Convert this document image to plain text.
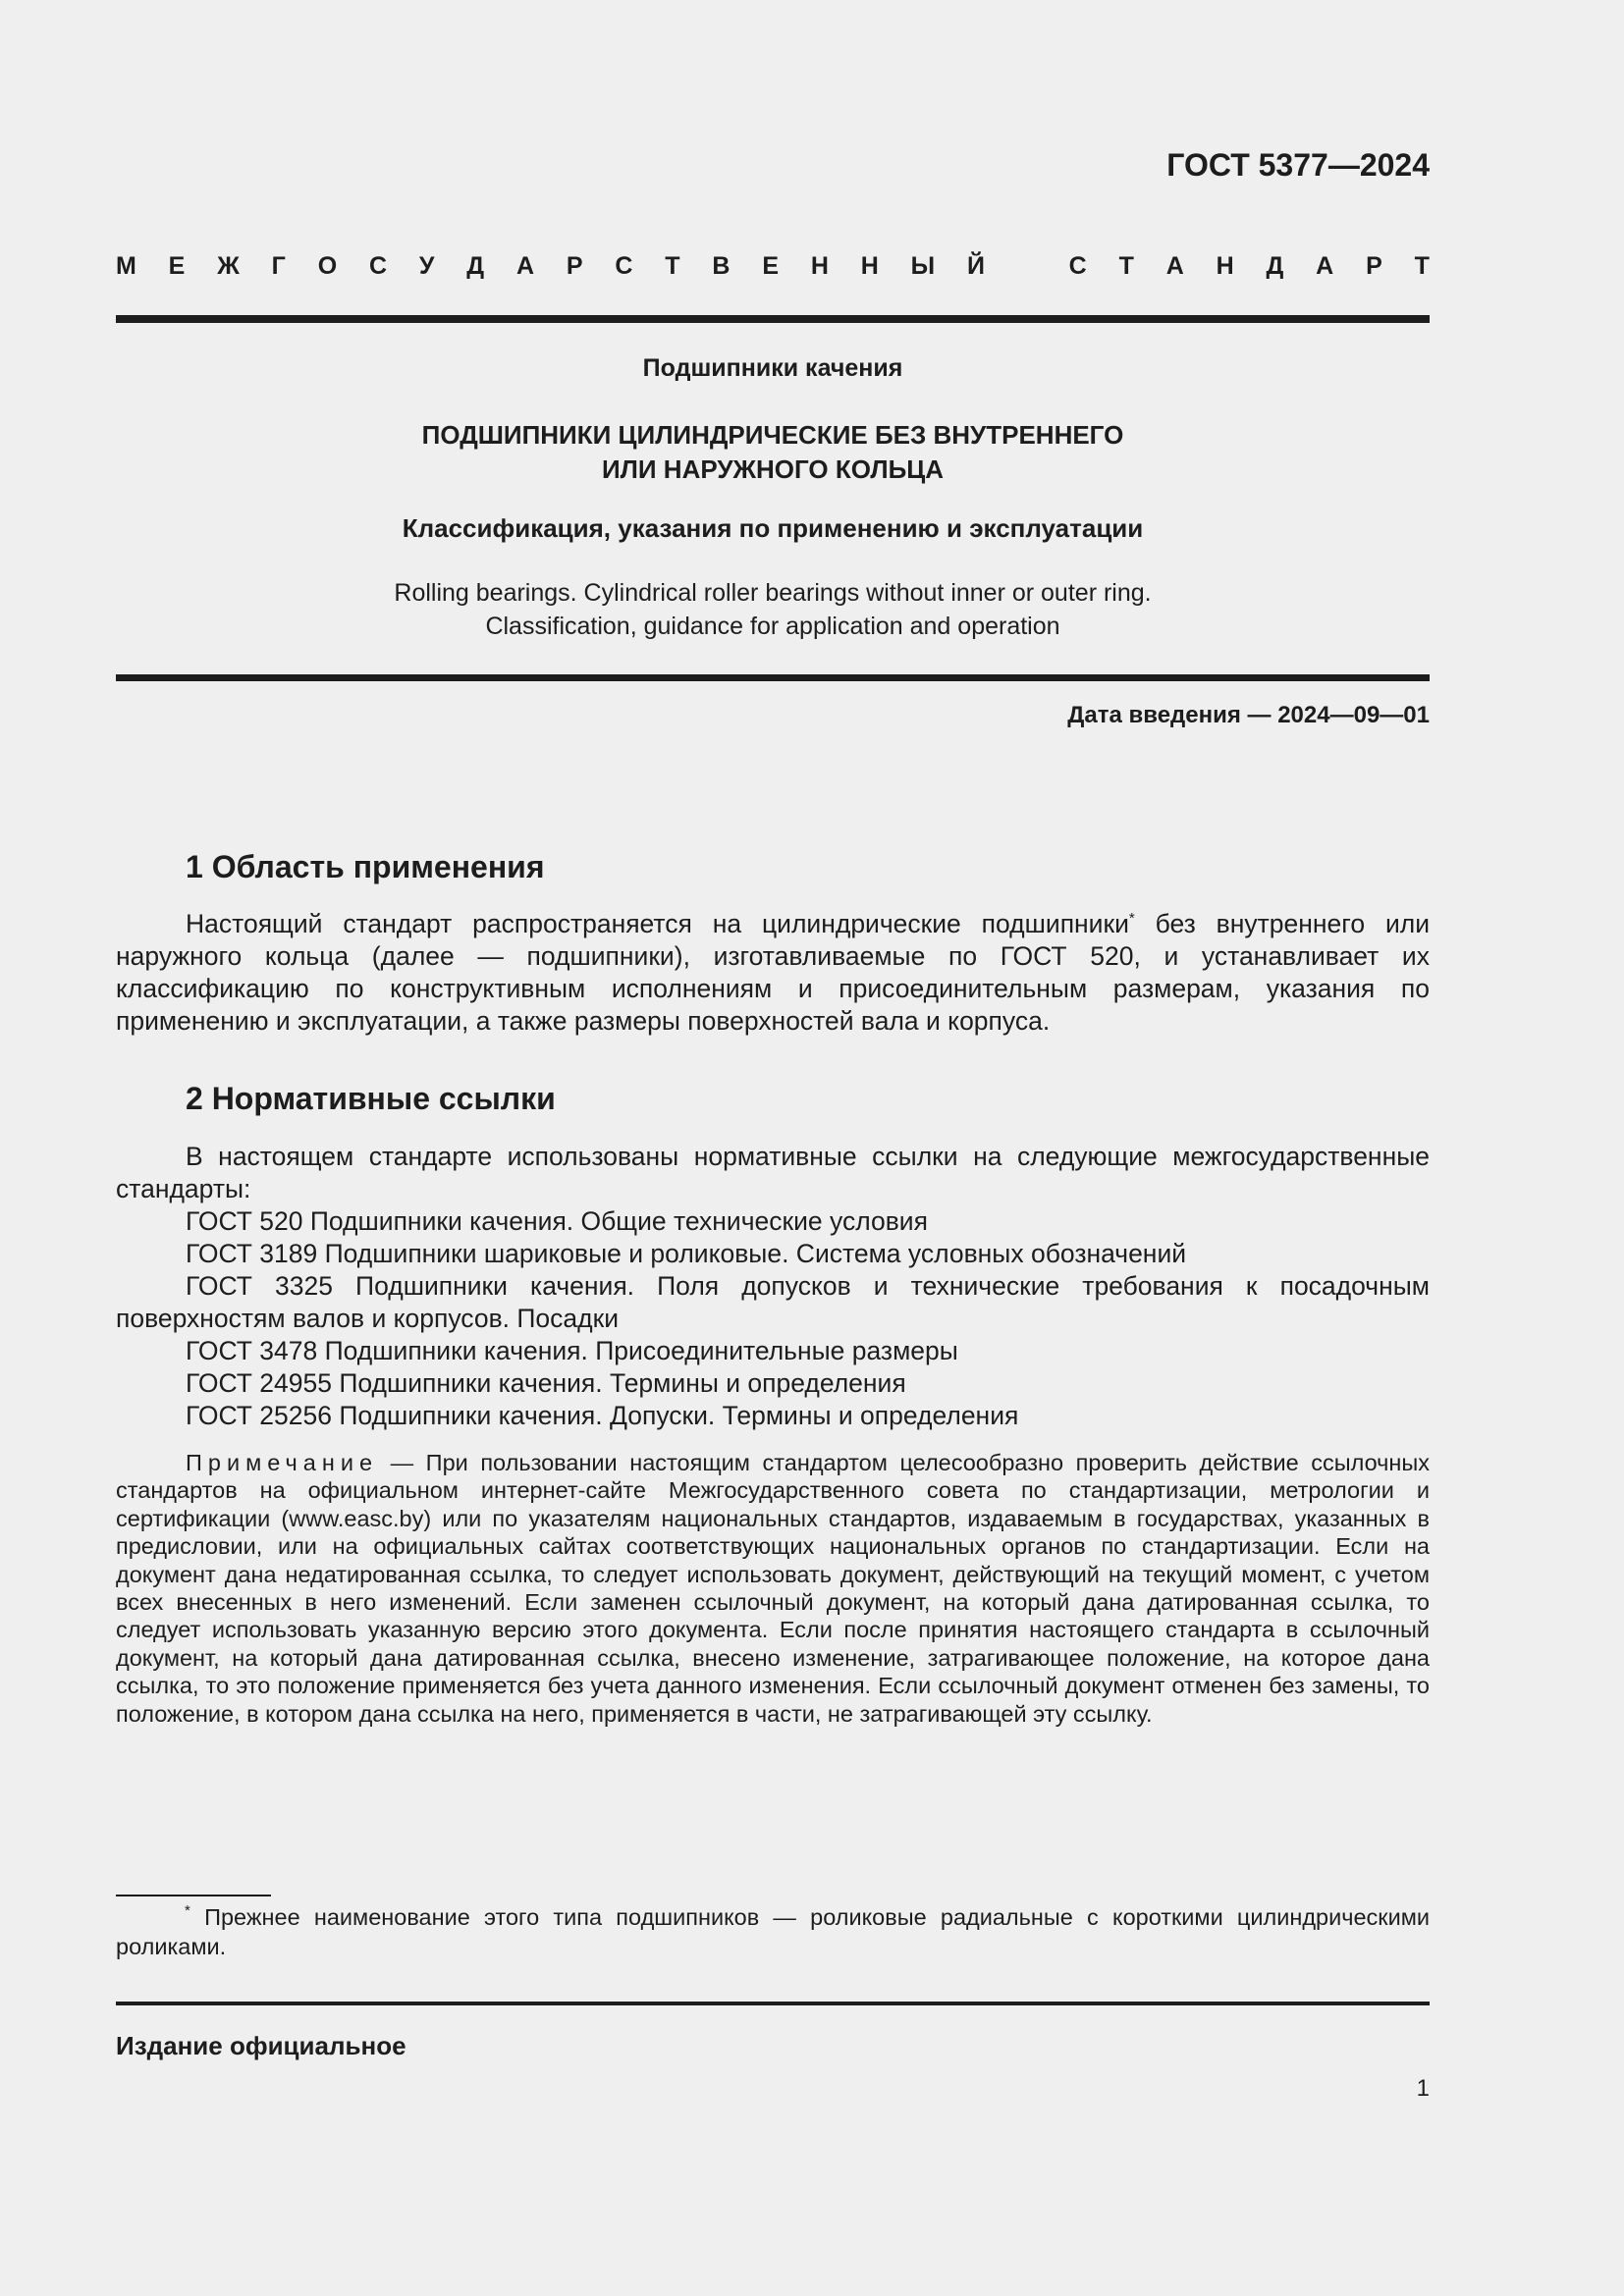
ГОСТ 5377—2024
М Е Ж Г О С У Д А Р С Т В Е Н Н Ы Й	С Т А Н Д А Р Т
Подшипники качения
ПОДШИПНИКИ ЦИЛИНДРИЧЕСКИЕ БЕЗ ВНУТРЕННЕГО
ИЛИ НАРУЖНОГО КОЛЬЦА
Классификация, указания по применению и эксплуатации
Rolling bearings. Cylindrical roller bearings without inner or outer ring.
Classification, guidance for application and operation
Дата введения — 2024—09—01
1 Область применения
Настоящий стандарт распространяется на цилиндрические подшипники* без внутреннего или наружного кольца (далее — подшипники), изготавливаемые по ГОСТ 520, и устанавливает их классификацию по конструктивным исполнениям и присоединительным размерам, указания по применению и эксплуатации, а также размеры поверхностей вала и корпуса.
2 Нормативные ссылки
В настоящем стандарте использованы нормативные ссылки на следующие межгосударственные стандарты:
ГОСТ 520 Подшипники качения. Общие технические условия
ГОСТ 3189 Подшипники шариковые и роликовые. Система условных обозначений
ГОСТ 3325 Подшипники качения. Поля допусков и технические требования к посадочным поверхностям валов и корпусов. Посадки
ГОСТ 3478 Подшипники качения. Присоединительные размеры
ГОСТ 24955 Подшипники качения. Термины и определения
ГОСТ 25256 Подшипники качения. Допуски. Термины и определения
Примечание — При пользовании настоящим стандартом целесообразно проверить действие ссылочных стандартов на официальном интернет-сайте Межгосударственного совета по стандартизации, метрологии и сертификации (www.easc.by) или по указателям национальных стандартов, издаваемым в государствах, указанных в предисловии, или на официальных сайтах соответствующих национальных органов по стандартизации. Если на документ дана недатированная ссылка, то следует использовать документ, действующий на текущий момент, с учетом всех внесенных в него изменений. Если заменен ссылочный документ, на который дана датированная ссылка, то следует использовать указанную версию этого документа. Если после принятия настоящего стандарта в ссылочный документ, на который дана датированная ссылка, внесено изменение, затрагивающее положение, на которое дана ссылка, то это положение применяется без учета данного изменения. Если ссылочный документ отменен без замены, то положение, в котором дана ссылка на него, применяется в части, не затрагивающей эту ссылку.
* Прежнее наименование этого типа подшипников — роликовые радиальные с короткими цилиндрическими роликами.
Издание официальное
1
